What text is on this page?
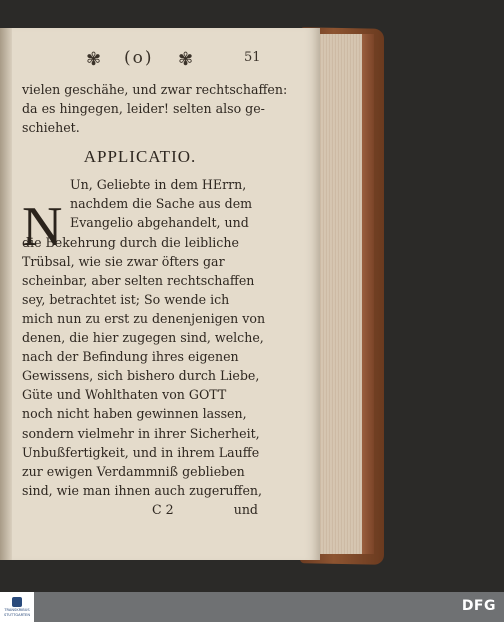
✾ (o) ✾	51
vielen geschähe, und zwar rechtschaffen:
da es hingegen, leider! selten also ge-
schiehet.
APPLICATIO.
N
Un, Geliebte in dem HErrn,
nachdem die Sache aus dem
Evangelio abgehandelt, und
die Bekehrung durch die leibliche
Trübsal, wie sie zwar öfters gar
scheinbar, aber selten rechtschaffen
sey, betrachtet ist; So wende ich
mich nun zu erst zu denenjenigen von
denen, die hier zugegen sind, welche,
nach der Befindung ihres eigenen
Gewissens, sich bishero durch Liebe,
Güte und Wohlthaten von GOTT
noch nicht haben gewinnen lassen,
sondern vielmehr in ihrer Sicherheit,
Unbußfertigkeit, und in ihrem Lauffe
zur ewigen Verdammniß geblieben
sind, wie man ihnen auch zugeruffen,
C 2	und
TRANSKRIBUS
STUTTGARTEN
DFG
